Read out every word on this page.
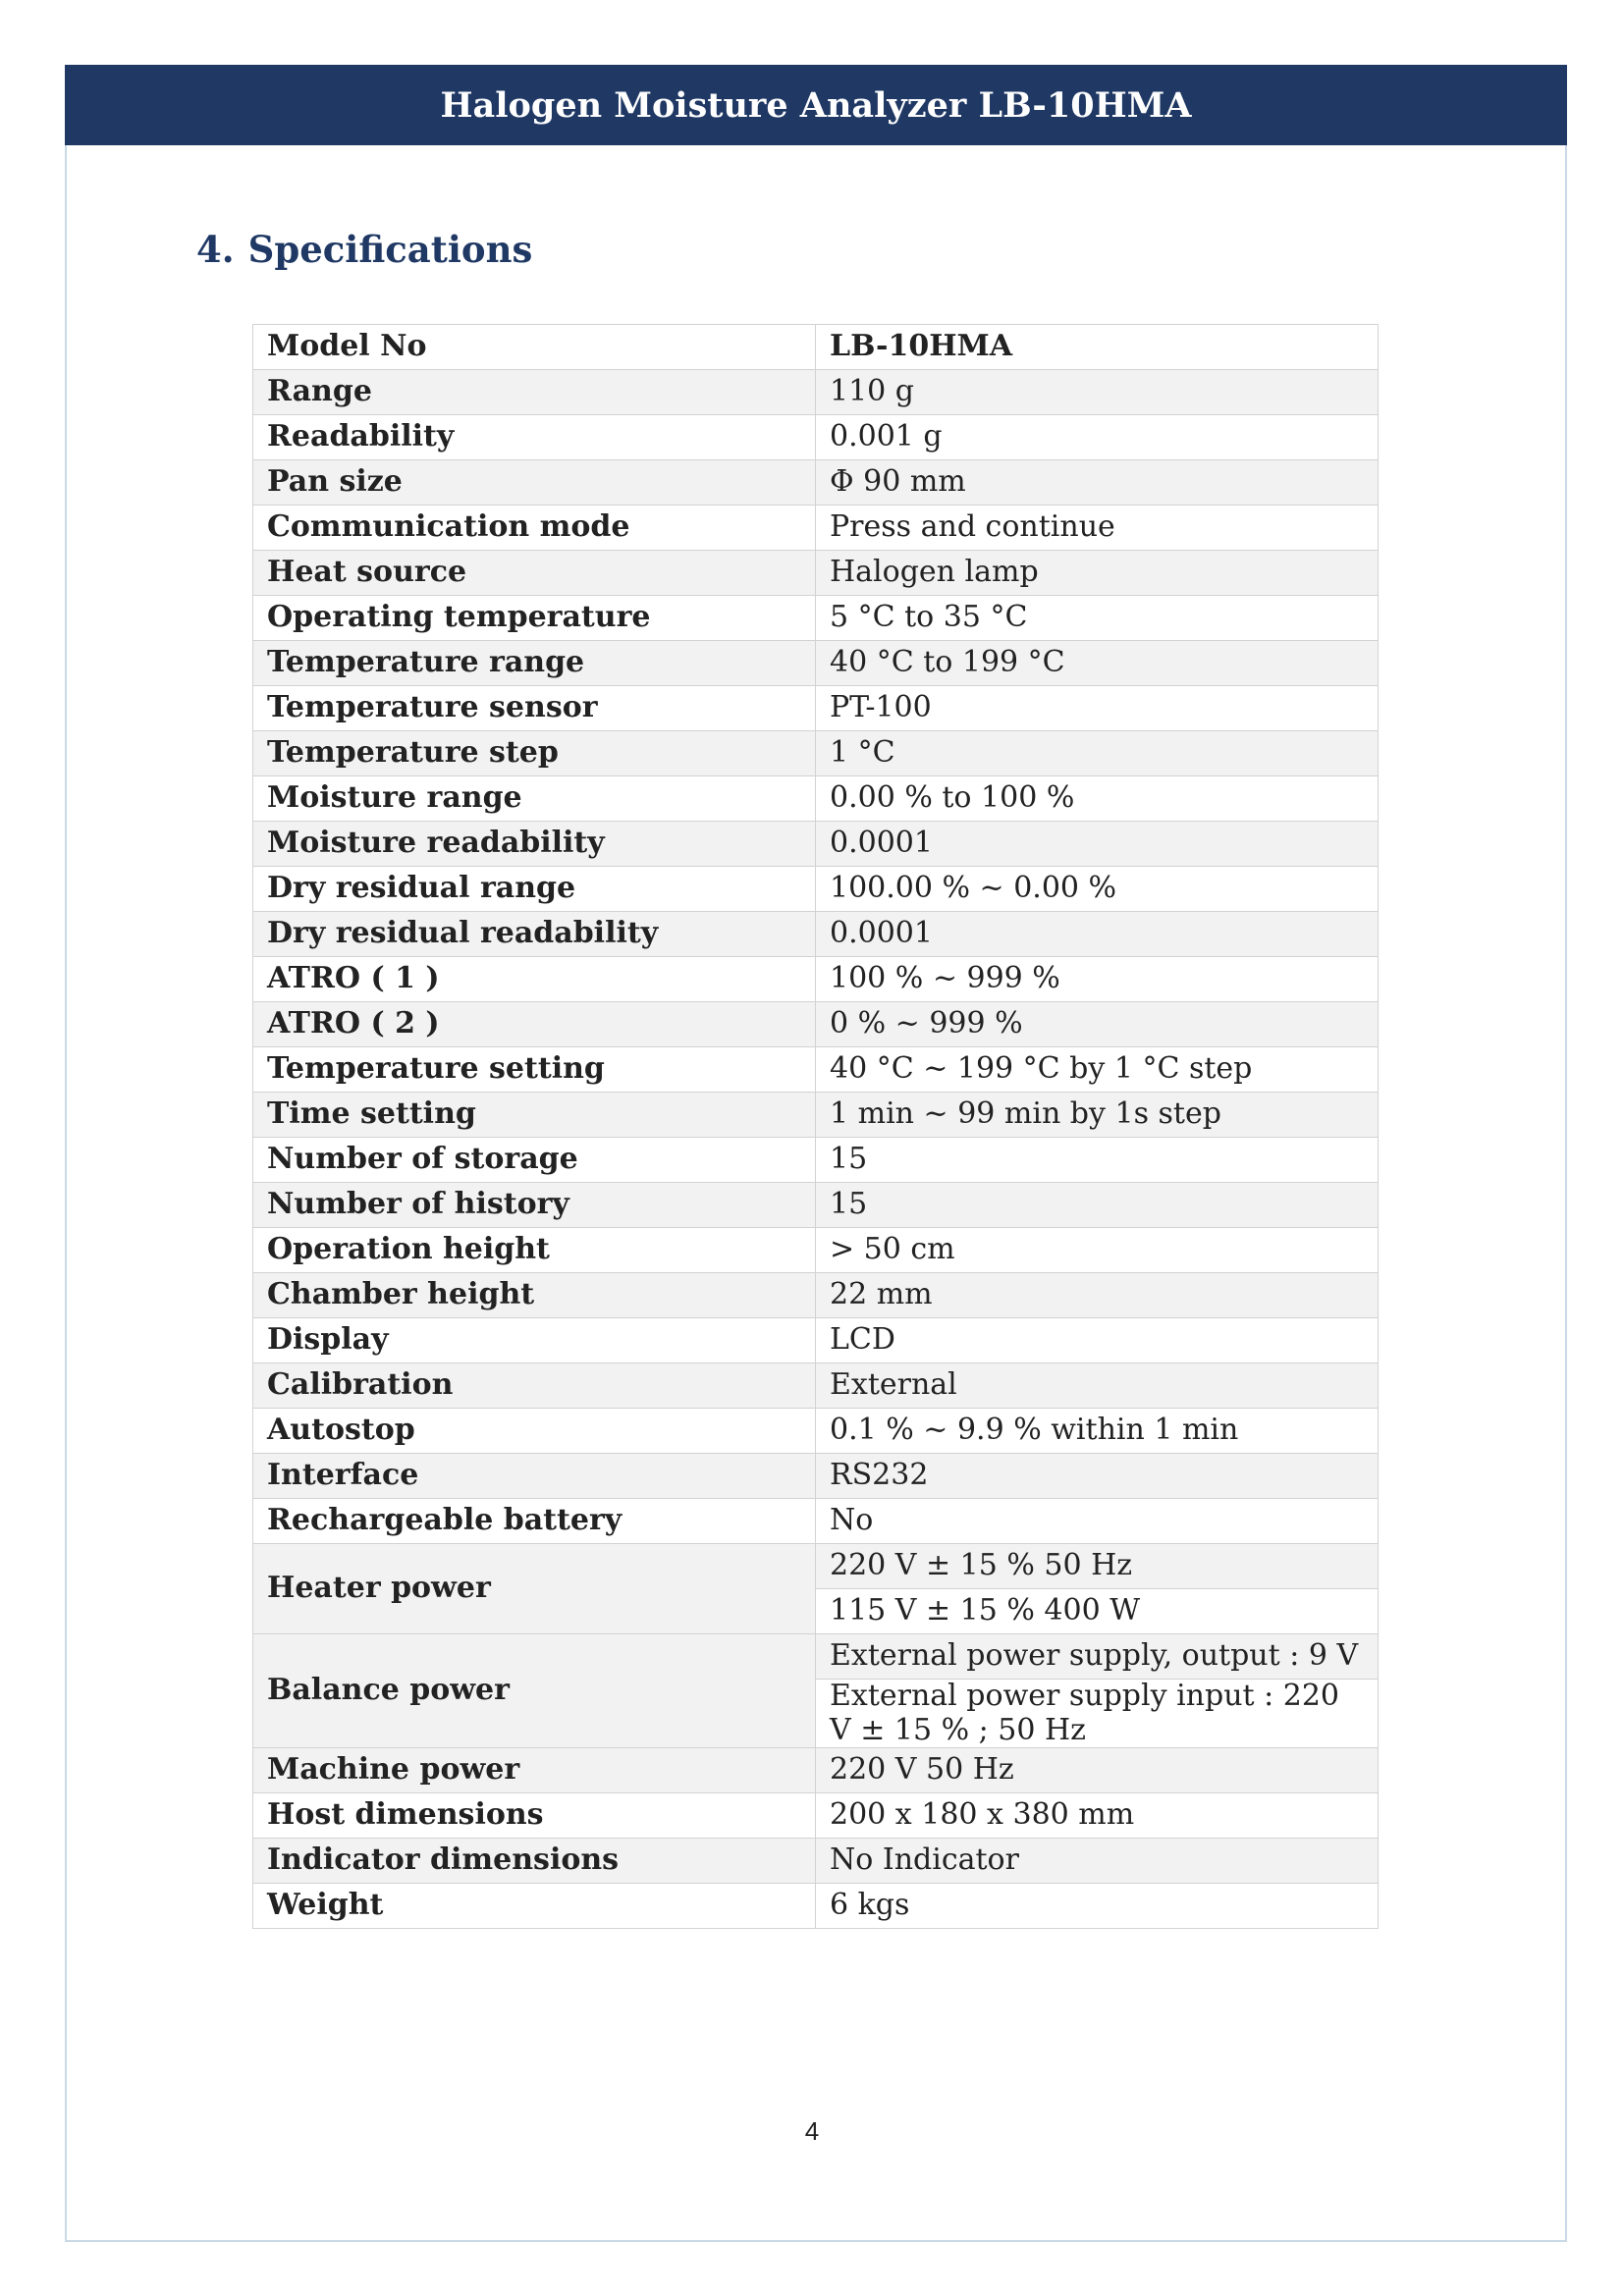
Halogen Moisture Analyzer LB-10HMA
4. Specifications
Model No	LB-10HMA
Range	110 g
Readability	0.001 g
Pan size	Φ 90 mm
Communication mode	Press and continue
Heat source	Halogen lamp
Operating temperature	5 °C to 35 °C
Temperature range	40 °C to 199 °C
Temperature sensor	PT-100
Temperature step	1 °C
Moisture range	0.00 % to 100 %
Moisture readability	0.0001
Dry residual range	100.00 % ~ 0.00 %
Dry residual readability	0.0001
ATRO ( 1 )	100 % ~ 999 %
ATRO ( 2 )	0 % ~ 999 %
Temperature setting	40 °C ~ 199 °C by 1 °C step
Time setting	1 min ~ 99 min by 1s step
Number of storage	15
Number of history	15
Operation height	> 50 cm
Chamber height	22 mm
Display	LCD
Calibration	External
Autostop	0.1 % ~ 9.9 % within 1 min
Interface	RS232
Rechargeable battery	No
Heater power	220 V ± 15 % 50 Hz
	115 V ± 15 % 400 W
Balance power	External power supply, output : 9 V
	External power supply input : 220 V ± 15 % ; 50 Hz
Machine power	220 V 50 Hz
Host dimensions	200 x 180 x 380 mm
Indicator dimensions	No Indicator
Weight	6 kgs
4
